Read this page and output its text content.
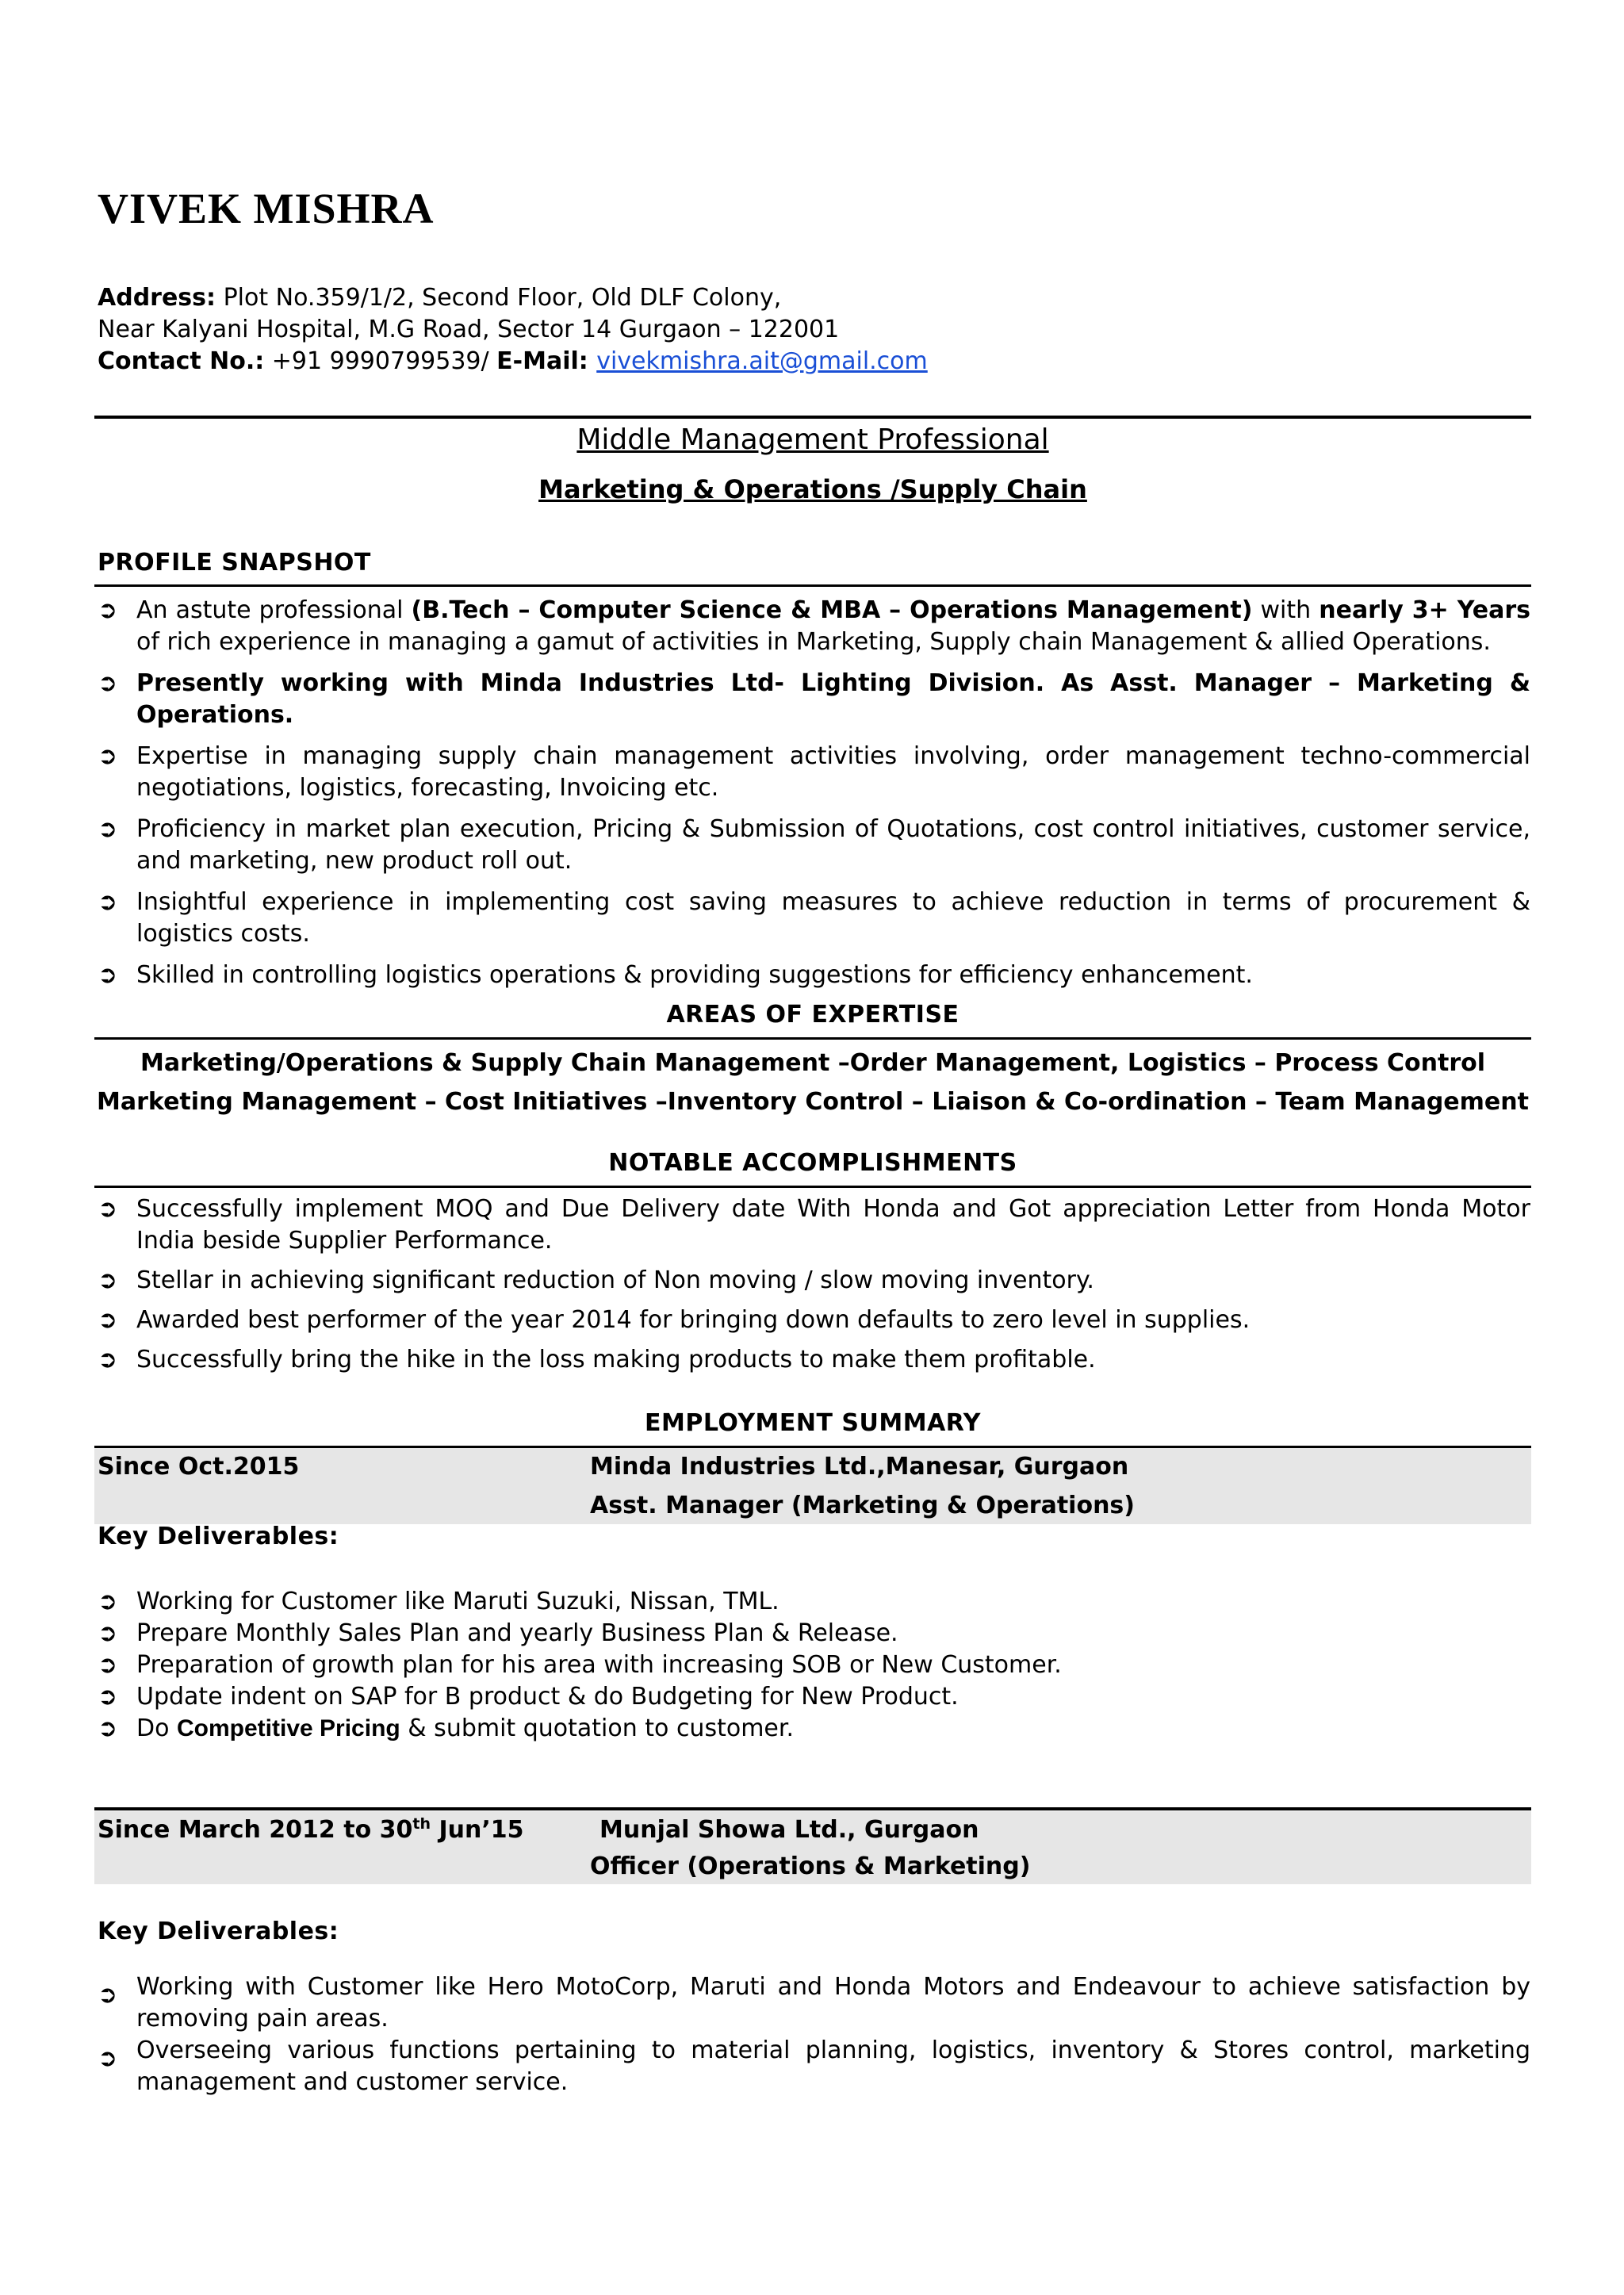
VIVEK MISHRA
Address: Plot No.359/1/2, Second Floor, Old DLF Colony,
Near Kalyani Hospital, M.G Road, Sector 14 Gurgaon – 122001
Contact No.: +91 9990799539/ E-Mail: vivekmishra.ait@gmail.com
Middle Management Professional
Marketing & Operations /Supply Chain
PROFILE SNAPSHOT
➲ An astute professional (B.Tech – Computer Science & MBA – Operations Management) with nearly 3+ Years of rich experience in managing a gamut of activities in Marketing, Supply chain Management & allied Operations.
➲ Presently working with Minda Industries Ltd- Lighting Division. As Asst. Manager – Marketing & Operations.
➲ Expertise in managing supply chain management activities involving, order management techno-commercial negotiations, logistics, forecasting, Invoicing etc.
➲ Proficiency in market plan execution, Pricing & Submission of Quotations, cost control initiatives, customer service, and marketing, new product roll out.
➲ Insightful experience in implementing cost saving measures to achieve reduction in terms of procurement & logistics costs.
➲ Skilled in controlling logistics operations & providing suggestions for efficiency enhancement.
AREAS OF EXPERTISE
Marketing/Operations & Supply Chain Management –Order Management, Logistics – Process Control
Marketing Management – Cost Initiatives –Inventory Control – Liaison & Co-ordination – Team Management
NOTABLE ACCOMPLISHMENTS
➲ Successfully implement MOQ and Due Delivery date With Honda and Got appreciation Letter from Honda Motor India beside Supplier Performance.
➲ Stellar in achieving significant reduction of Non moving / slow moving inventory.
➲ Awarded best performer of the year 2014 for bringing down defaults to zero level in supplies.
➲ Successfully bring the hike in the loss making products to make them profitable.
EMPLOYMENT SUMMARY
Since Oct.2015	Minda Industries Ltd.,Manesar, Gurgaon
Asst. Manager (Marketing & Operations)
Key Deliverables:
➲ Working for Customer like Maruti Suzuki, Nissan, TML.
➲ Prepare Monthly Sales Plan and yearly Business Plan & Release.
➲ Preparation of growth plan for his area with increasing SOB or New Customer.
➲ Update indent on SAP for B product & do Budgeting for New Product.
➲ Do Competitive Pricing & submit quotation to customer.
Since March 2012 to 30th Jun’15	Munjal Showa Ltd., Gurgaon
Officer (Operations & Marketing)
Key Deliverables:
➲ Working with Customer like Hero MotoCorp, Maruti and Honda Motors and Endeavour to achieve satisfaction by removing pain areas.
➲ Overseeing various functions pertaining to material planning, logistics, inventory & Stores control, marketing management and customer service.
